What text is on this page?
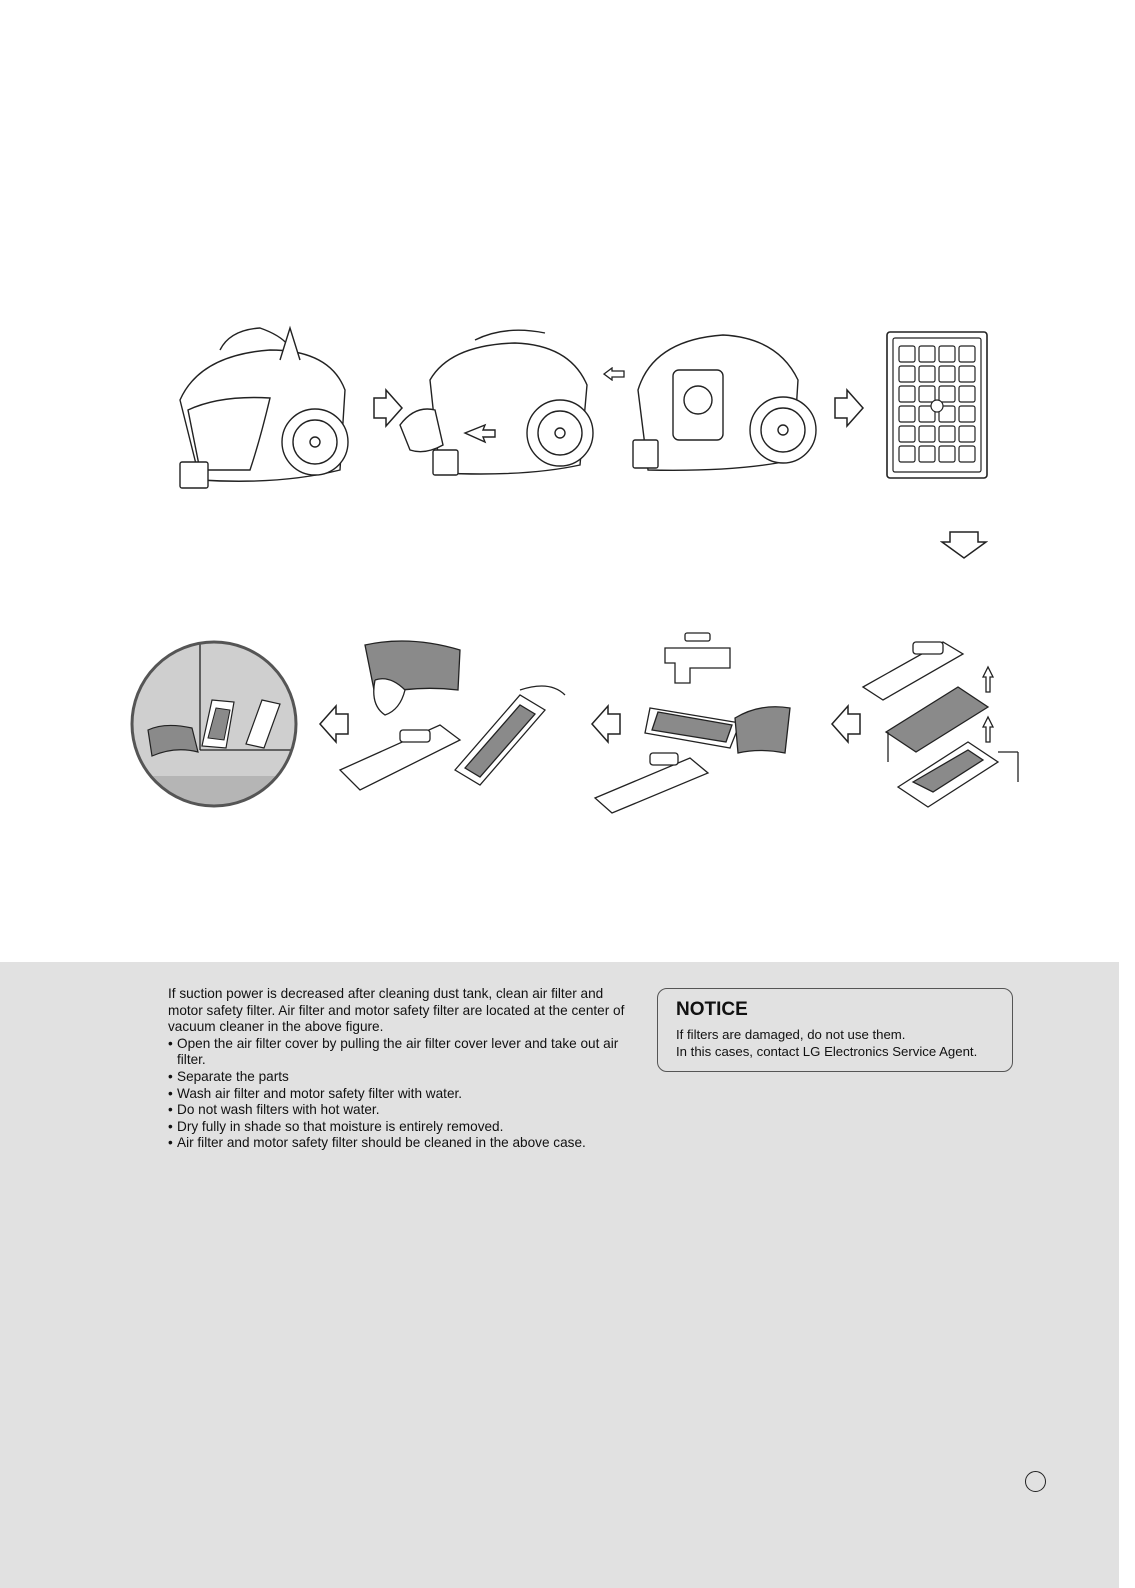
If suction power is decreased after cleaning dust tank, clean air filter and motor safety filter. Air filter and motor safety filter are located at the center of vacuum cleaner in the above figure.

• Open the air filter cover by pulling the air filter cover lever and take out air filter.
• Separate the parts
• Wash air filter and motor safety filter with water.
• Do not wash filters with hot water.
• Dry fully in shade so that moisture is entirely removed.
• Air filter and motor safety filter should be cleaned in the above case.
NOTICE
If filters are damaged, do not use them.
In this cases, contact LG Electronics Service Agent.
